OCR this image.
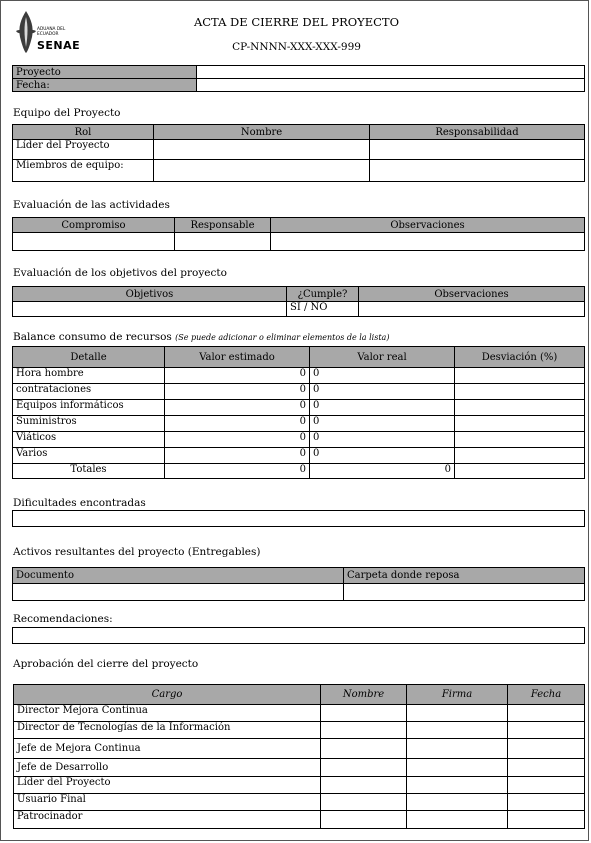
ADUANA DEL
ECUADOR
SENAE
ACTA DE CIERRE DEL PROYECTO
CP-NNNN-XXX-XXX-999
Proyecto	
Fecha:	
Equipo del Proyecto
Rol	Nombre	Responsabilidad
Líder del Proyecto		
Miembros de equipo:		
Evaluación de las actividades
Compromiso	Responsable	Observaciones

Evaluación de los objetivos del proyecto
Objetivos	¿Cumple?	Observaciones
	SI / NO	
Balance consumo de recursos (Se puede adicionar o eliminar elementos de la lista)
Detalle	Valor estimado	Valor real	Desviación (%)
Hora hombre	0	0	
contrataciones	0	0	
Equipos informáticos	0	0	
Suministros	0	0	
Viáticos	0	0	
Varios	0	0	
Totales	0	0	
Dificultades encontradas
Activos resultantes del proyecto (Entregables)
Documento	Carpeta donde reposa

Recomendaciones:
Aprobación del cierre del proyecto
Cargo	Nombre	Firma	Fecha
Director Mejora Continua			
Director de Tecnologías de la Información			
Jefe de Mejora Continua			
Jefe de Desarrollo			
Líder del Proyecto			
Usuario Final			
Patrocinador			
